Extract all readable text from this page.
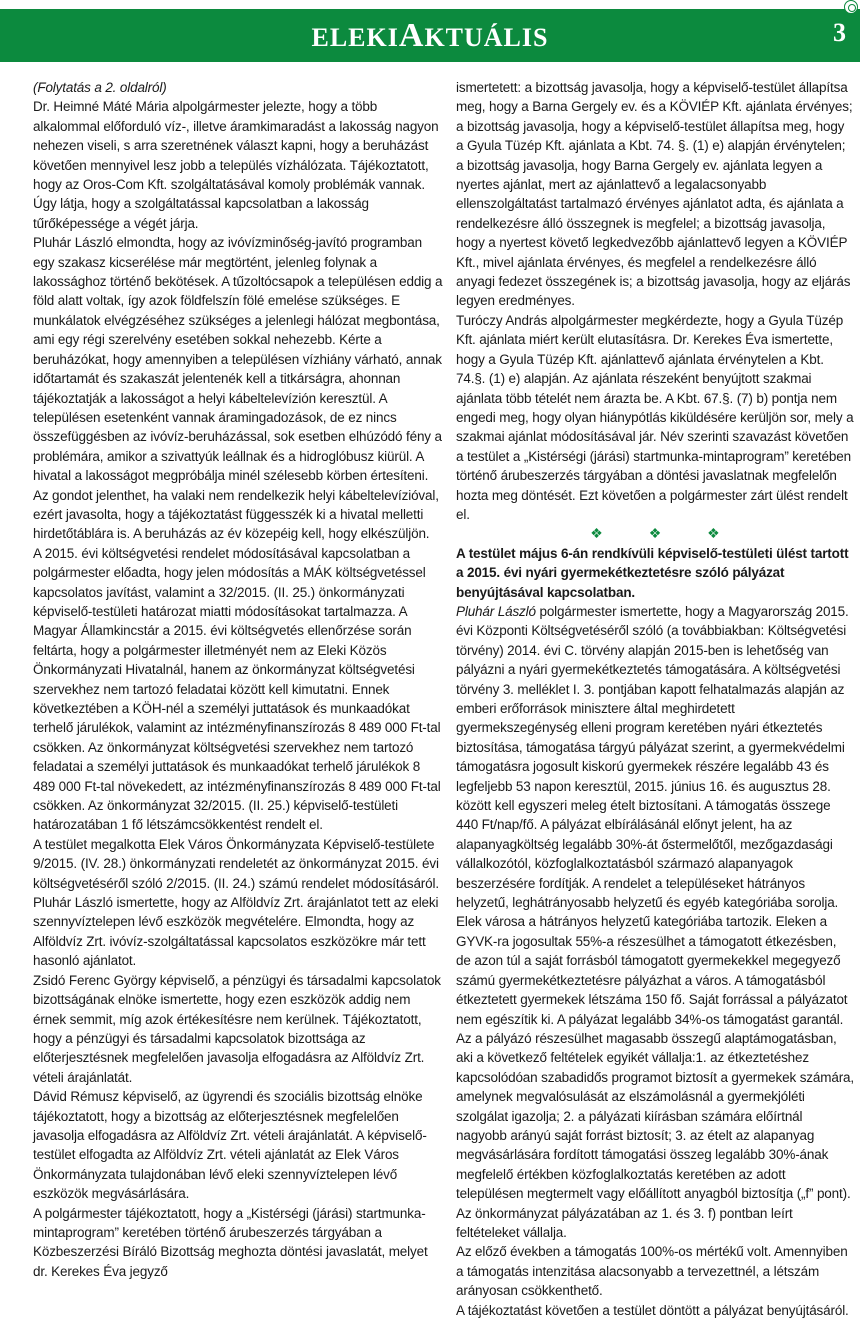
ELEKIAKTUÁLIS	3

(Folytatás a 2. oldalról)

Dr. Heimné Máté Mária alpolgármester jelezte, hogy a több alkalommal előforduló víz-, illetve áramkimaradást a lakosság nagyon nehezen viseli, s arra szeretnének választ kapni, hogy a beruházást követően mennyivel lesz jobb a település vízhálózata. Tájékoztatott, hogy az Oros-Com Kft. szolgáltatásával komoly problémák vannak. Úgy látja, hogy a szolgáltatással kapcsolatban a lakosság tűrőképessége a végét járja.

Pluhár László elmondta, hogy az ivóvízminőség-javító programban egy szakasz kicserélése már megtörtént, jelenleg folynak a lakossághoz történő bekötések. A tűzoltócsapok a településen eddig a föld alatt voltak, így azok földfelszín fölé emelése szükséges. E munkálatok elvégzéséhez szükséges a jelenlegi hálózat megbontása, ami egy régi szerelvény esetében sokkal nehezebb. Kérte a beruházókat, hogy amennyiben a településen vízhiány várható, annak időtartamát és szakaszát jelentenék kell a titkárságra, ahonnan tájékoztatják a lakosságot a helyi kábeltelevízión keresztül. A településen esetenként vannak áramingadozások, de ez nincs összefüggésben az ivóvíz-beruházással, sok esetben elhúzódó fény a problémára, amikor a szivattyúk leállnak és a hidroglóbusz kiürül. A hivatal a lakosságot megpróbálja minél szélesebb körben értesíteni. Az gondot jelenthet, ha valaki nem rendelkezik helyi kábeltelevízióval, ezért javasolta, hogy a tájékoztatást függesszék ki a hivatal melletti hirdetőtáblára is. A beruházás az év közepéig kell, hogy elkészüljön.

A 2015. évi költségvetési rendelet módosításával kapcsolatban a polgármester előadta, hogy jelen módosítás a MÁK költségvetéssel kapcsolatos javítást, valamint a 32/2015. (II. 25.) önkormányzati képviselő-testületi határozat miatti módosításokat tartalmazza. A Magyar Államkincstár a 2015. évi költségvetés ellenőrzése során feltárta, hogy a polgármester illetményét nem az Eleki Közös Önkormányzati Hivatalnál, hanem az önkormányzat költségvetési szervekhez nem tartozó feladatai között kell kimutatni. Ennek következtében a KÖH-nél a személyi juttatások és munkaadókat terhelő járulékok, valamint az intézményfinanszírozás 8 489 000 Ft-tal csökken. Az önkormányzat költségvetési szervekhez nem tartozó feladatai a személyi juttatások és munkaadókat terhelő járulékok 8 489 000 Ft-tal növekedett, az intézményfinanszírozás 8 489 000 Ft-tal csökken. Az önkormányzat 32/2015. (II. 25.) képviselő-testületi határozatában 1 fő létszámcsökkentést rendelt el.

A testület megalkotta Elek Város Önkormányzata Képviselő-testülete 9/2015. (IV. 28.) önkormányzati rendeletét az önkormányzat 2015. évi költségvetéséről szóló 2/2015. (II. 24.) számú rendelet módosításáról.

Pluhár László ismertette, hogy az Alföldvíz Zrt. árajánlatot tett az eleki szennyvíztelepen lévő eszközök megvételére. Elmondta, hogy az Alföldvíz Zrt. ivóvíz-szolgáltatással kapcsolatos eszközökre már tett hasonló ajánlatot.

Zsidó Ferenc György képviselő, a pénzügyi és társadalmi kapcsolatok bizottságának elnöke ismertette, hogy ezen eszközök addig nem érnek semmit, míg azok értékesítésre nem kerülnek. Tájékoztatott, hogy a pénzügyi és társadalmi kapcsolatok bizottsága az előterjesztésnek megfelelően javasolja elfogadásra az Alföldvíz Zrt. vételi árajánlatát.

Dávid Rémusz képviselő, az ügyrendi és szociális bizottság elnöke tájékoztatott, hogy a bizottság az előterjesztésnek megfelelően javasolja elfogadásra az Alföldvíz Zrt. vételi árajánlatát. A képviselő-testület elfogadta az Alföldvíz Zrt. vételi ajánlatát az Elek Város Önkormányzata tulajdonában lévő eleki szennyvíztelepen lévő eszközök megvásárlására.

A polgármester tájékoztatott, hogy a „Kistérségi (járási) startmunka-mintaprogram” keretében történő árubeszerzés tárgyában a Közbeszerzési Bíráló Bizottság meghozta döntési javaslatát, melyet dr. Kerekes Éva jegyző

ismertetett: a bizottság javasolja, hogy a képviselő-testület állapítsa meg, hogy a Barna Gergely ev. és a KÖVIÉP Kft. ajánlata érvényes; a bizottság javasolja, hogy a képviselő-testület állapítsa meg, hogy a Gyula Tüzép Kft. ajánlata a Kbt. 74. §. (1) e) alapján érvénytelen; a bizottság javasolja, hogy Barna Gergely ev. ajánlata legyen a nyertes ajánlat, mert az ajánlattevő a legalacsonyabb ellenszolgáltatást tartalmazó érvényes ajánlatot adta, és ajánlata a rendelkezésre álló összegnek is megfelel; a bizottság javasolja, hogy a nyertest követő legkedvezőbb ajánlattevő legyen a KÖVIÉP Kft., mivel ajánlata érvényes, és megfelel a rendelkezésre álló anyagi fedezet összegének is; a bizottság javasolja, hogy az eljárás legyen eredményes.

Turóczy András alpolgármester megkérdezte, hogy a Gyula Tüzép Kft. ajánlata miért került elutasításra. Dr. Kerekes Éva ismertette, hogy a Gyula Tüzép Kft. ajánlattevő ajánlata érvénytelen a Kbt. 74.§. (1) e) alapján. Az ajánlata részeként benyújtott szakmai ajánlata több tételét nem árazta be. A Kbt. 67.§. (7) b) pontja nem engedi meg, hogy olyan hiánypótlás kiküldésére kerüljön sor, mely a szakmai ajánlat módosításával jár. Név szerinti szavazást követően a testület a „Kistérségi (járási) startmunka-mintaprogram” keretében történő árubeszerzés tárgyában a döntési javaslatnak megfelelőn hozta meg döntését. Ezt követően a polgármester zárt ülést rendelt el.

❖ ❖ ❖

A testület május 6-án rendkívüli képviselő-testületi ülést tartott a 2015. évi nyári gyermekétkeztetésre szóló pályázat benyújtásával kapcsolatban.

Pluhár László polgármester ismertette, hogy a Magyarország 2015. évi Központi Költségvetéséről szóló (a továbbiakban: Költségvetési törvény) 2014. évi C. törvény alapján 2015-ben is lehetőség van pályázni a nyári gyermekétkeztetés támogatására. A költségvetési törvény 3. melléklet I. 3. pontjában kapott felhatalmazás alapján az emberi erőforrások minisztere által meghirdetett gyermekszegénység elleni program keretében nyári étkeztetés biztosítása, támogatása tárgyú pályázat szerint, a gyermekvédelmi támogatásra jogosult kiskorú gyermekek részére legalább 43 és legfeljebb 53 napon keresztül, 2015. június 16. és augusztus 28. között kell egyszeri meleg ételt biztosítani. A támogatás összege 440 Ft/nap/fő. A pályázat elbírálásánál előnyt jelent, ha az alapanyagköltség legalább 30%-át őstermelőtől, mezőgazdasági vállalkozótól, közfoglalkoztatásból származó alapanyagok beszerzésére fordítják. A rendelet a településeket hátrányos helyzetű, leghátrányosabb helyzetű és egyéb kategóriába sorolja. Elek városa a hátrányos helyzetű kategóriába tartozik. Eleken a GYVK-ra jogosultak 55%-a részesülhet a támogatott étkezésben, de azon túl a saját forrásból támogatott gyermekekkel megegyező számú gyermekétkeztetésre pályázhat a város. A támogatásból étkeztetett gyermekek létszáma 150 fő. Saját forrással a pályázatot nem egészítik ki. A pályázat legalább 34%-os támogatást garantál.

Az a pályázó részesülhet magasabb összegű alaptámogatásban, aki a következő feltételek egyikét vállalja:1. az étkeztetéshez kapcsolódóan szabadidős programot biztosít a gyermekek számára, amelynek megvalósulását az elszámolásnál a gyermekjóléti szolgálat igazolja; 2. a pályázati kiírásban számára előírtnál nagyobb arányú saját forrást biztosít; 3. az ételt az alapanyag megvásárlására fordított támogatási összeg legalább 30%-ának megfelelő értékben közfoglalkoztatás keretében az adott településen megtermelt vagy előállított anyagból biztosítja („f” pont). Az önkormányzat pályázatában az 1. és 3. f) pontban leírt feltételeket vállalja.

Az előző években a támogatás 100%-os mértékű volt. Amennyiben a támogatás intenzitása alacsonyabb a tervezettnél, a létszám arányosan csökkenthető.

A tájékoztatást követően a testület döntött a pályázat benyújtásáról.
